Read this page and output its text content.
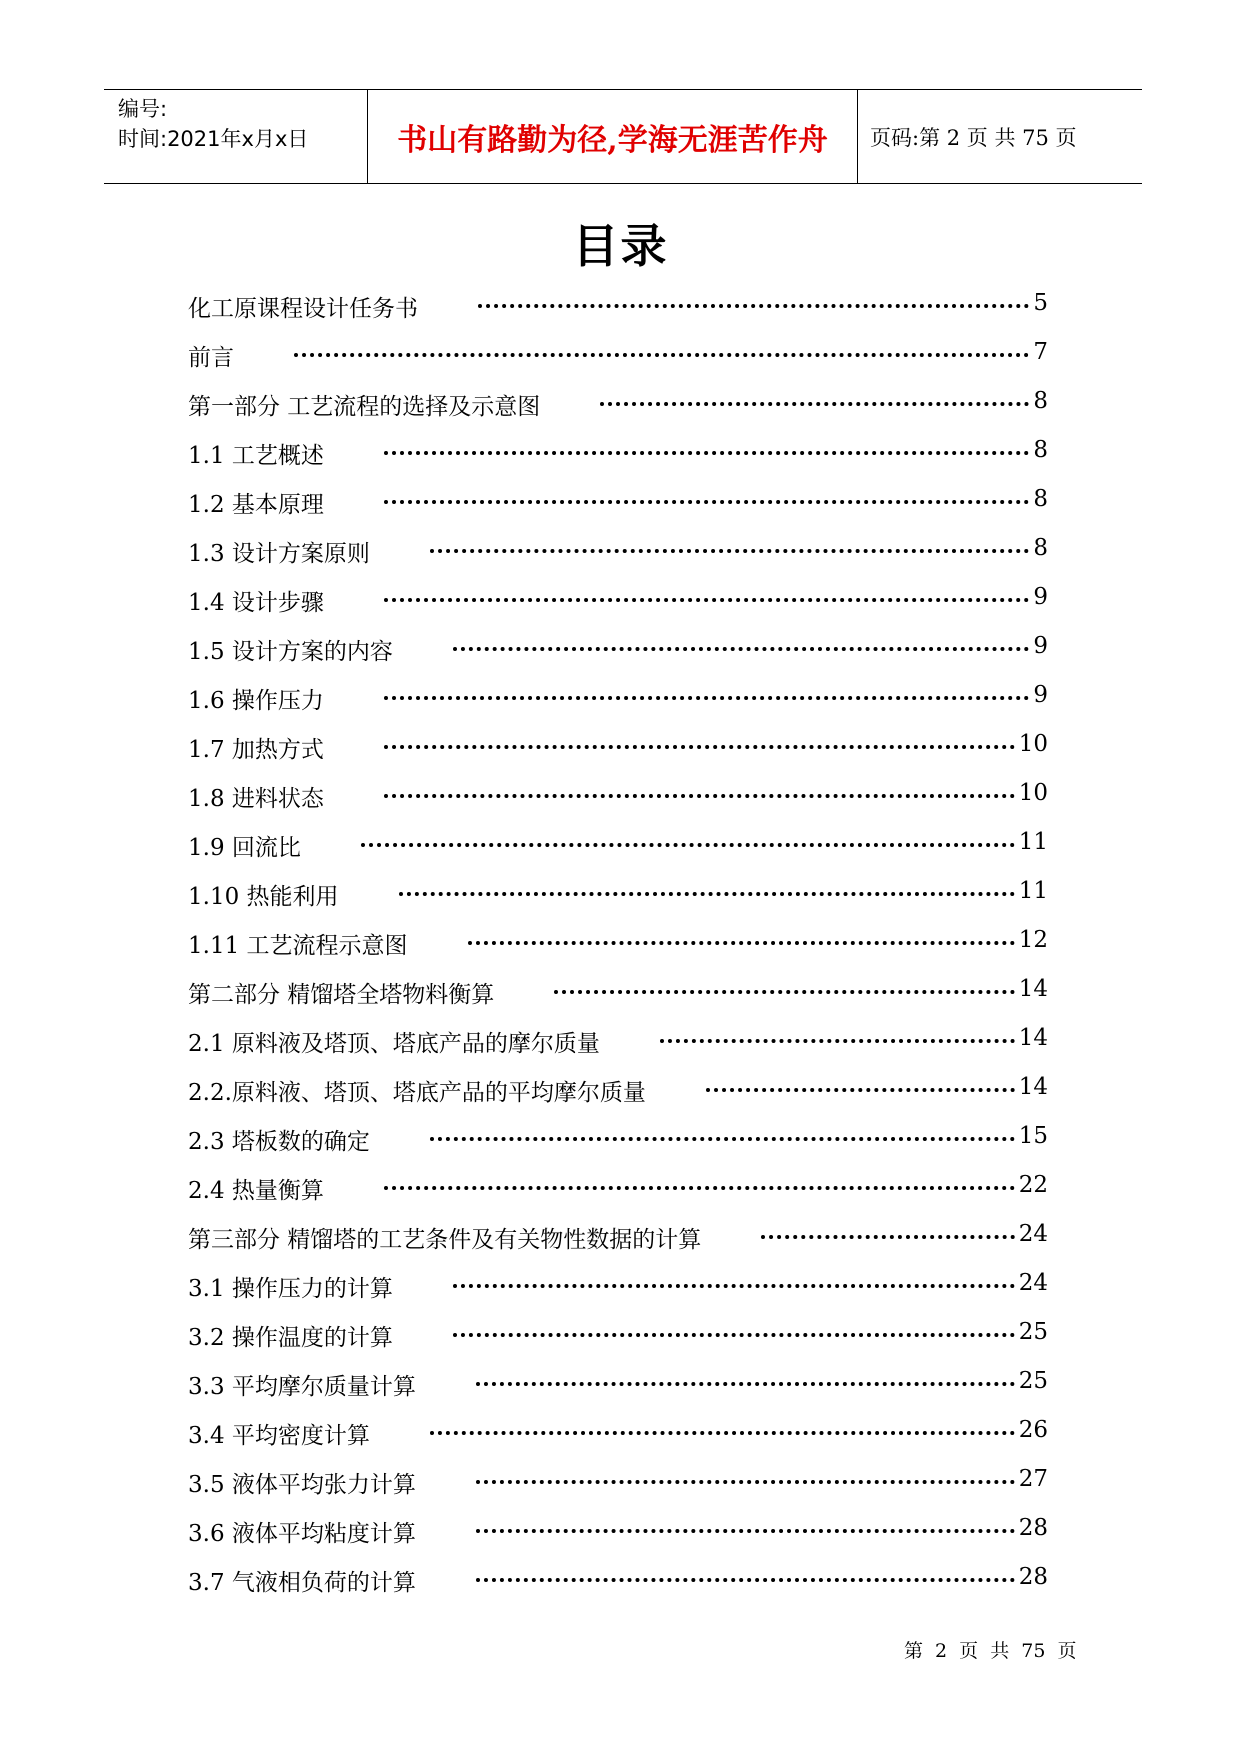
编号:
时间:2021年x月x日	书山有路勤为径,学海无涯苦作舟	页码:第 2 页 共 75 页
目录
化工原课程设计任务书	5
前言	7
第一部分 工艺流程的选择及示意图	8
1.1 工艺概述	8
1.2 基本原理	8
1.3 设计方案原则	8
1.4 设计步骤	9
1.5 设计方案的内容	9
1.6 操作压力	9
1.7 加热方式	10
1.8 进料状态	10
1.9 回流比	11
1.10 热能利用	11
1.11 工艺流程示意图	12
第二部分 精馏塔全塔物料衡算	14
2.1 原料液及塔顶、塔底产品的摩尔质量	14
2.2.原料液、塔顶、塔底产品的平均摩尔质量	14
2.3 塔板数的确定	15
2.4 热量衡算	22
第三部分 精馏塔的工艺条件及有关物性数据的计算	24
3.1 操作压力的计算	24
3.2 操作温度的计算	25
3.3 平均摩尔质量计算	25
3.4 平均密度计算	26
3.5 液体平均张力计算	27
3.6 液体平均粘度计算	28
3.7 气液相负荷的计算	28
第 2 页 共 75 页
